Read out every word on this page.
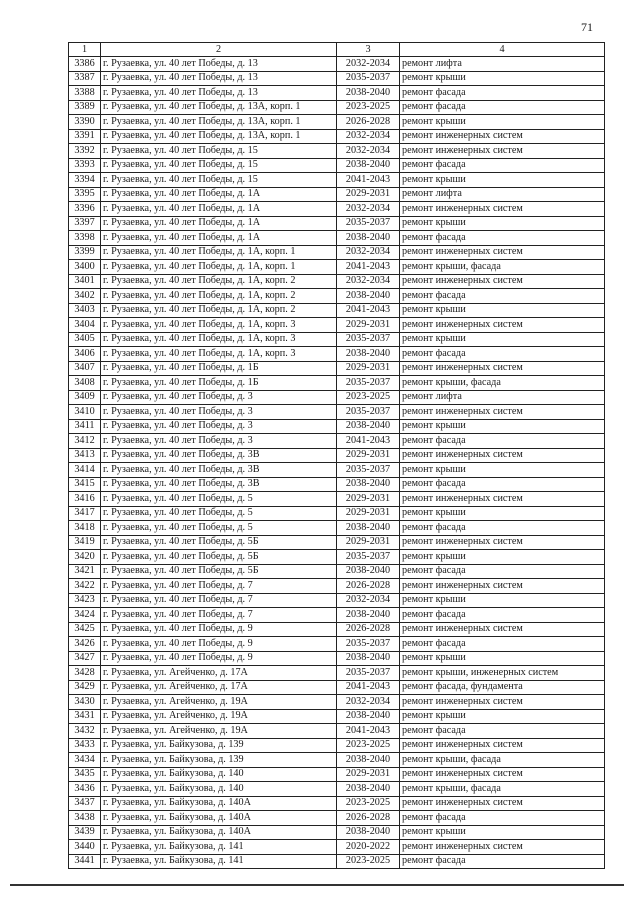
71
1	2	3	4
3386	г. Рузаевка, ул. 40 лет Победы, д. 13	2032-2034	ремонт лифта
3387	г. Рузаевка, ул. 40 лет Победы, д. 13	2035-2037	ремонт крыши
3388	г. Рузаевка, ул. 40 лет Победы, д. 13	2038-2040	ремонт фасада
3389	г. Рузаевка, ул. 40 лет Победы, д. 13А, корп. 1	2023-2025	ремонт фасада
3390	г. Рузаевка, ул. 40 лет Победы, д. 13А, корп. 1	2026-2028	ремонт крыши
3391	г. Рузаевка, ул. 40 лет Победы, д. 13А, корп. 1	2032-2034	ремонт инженерных систем
3392	г. Рузаевка, ул. 40 лет Победы, д. 15	2032-2034	ремонт инженерных систем
3393	г. Рузаевка, ул. 40 лет Победы, д. 15	2038-2040	ремонт фасада
3394	г. Рузаевка, ул. 40 лет Победы, д. 15	2041-2043	ремонт крыши
3395	г. Рузаевка, ул. 40 лет Победы, д. 1А	2029-2031	ремонт лифта
3396	г. Рузаевка, ул. 40 лет Победы, д. 1А	2032-2034	ремонт инженерных систем
3397	г. Рузаевка, ул. 40 лет Победы, д. 1А	2035-2037	ремонт крыши
3398	г. Рузаевка, ул. 40 лет Победы, д. 1А	2038-2040	ремонт фасада
3399	г. Рузаевка, ул. 40 лет Победы, д. 1А, корп. 1	2032-2034	ремонт инженерных систем
3400	г. Рузаевка, ул. 40 лет Победы, д. 1А, корп. 1	2041-2043	ремонт крыши, фасада
3401	г. Рузаевка, ул. 40 лет Победы, д. 1А, корп. 2	2032-2034	ремонт инженерных систем
3402	г. Рузаевка, ул. 40 лет Победы, д. 1А, корп. 2	2038-2040	ремонт фасада
3403	г. Рузаевка, ул. 40 лет Победы, д. 1А, корп. 2	2041-2043	ремонт крыши
3404	г. Рузаевка, ул. 40 лет Победы, д. 1А, корп. 3	2029-2031	ремонт инженерных систем
3405	г. Рузаевка, ул. 40 лет Победы, д. 1А, корп. 3	2035-2037	ремонт крыши
3406	г. Рузаевка, ул. 40 лет Победы, д. 1А, корп. 3	2038-2040	ремонт фасада
3407	г. Рузаевка, ул. 40 лет Победы, д. 1Б	2029-2031	ремонт инженерных систем
3408	г. Рузаевка, ул. 40 лет Победы, д. 1Б	2035-2037	ремонт крыши, фасада
3409	г. Рузаевка, ул. 40 лет Победы, д. 3	2023-2025	ремонт лифта
3410	г. Рузаевка, ул. 40 лет Победы, д. 3	2035-2037	ремонт инженерных систем
3411	г. Рузаевка, ул. 40 лет Победы, д. 3	2038-2040	ремонт крыши
3412	г. Рузаевка, ул. 40 лет Победы, д. 3	2041-2043	ремонт фасада
3413	г. Рузаевка, ул. 40 лет Победы, д. 3В	2029-2031	ремонт инженерных систем
3414	г. Рузаевка, ул. 40 лет Победы, д. 3В	2035-2037	ремонт крыши
3415	г. Рузаевка, ул. 40 лет Победы, д. 3В	2038-2040	ремонт фасада
3416	г. Рузаевка, ул. 40 лет Победы, д. 5	2029-2031	ремонт инженерных систем
3417	г. Рузаевка, ул. 40 лет Победы, д. 5	2029-2031	ремонт крыши
3418	г. Рузаевка, ул. 40 лет Победы, д. 5	2038-2040	ремонт фасада
3419	г. Рузаевка, ул. 40 лет Победы, д. 5Б	2029-2031	ремонт инженерных систем
3420	г. Рузаевка, ул. 40 лет Победы, д. 5Б	2035-2037	ремонт крыши
3421	г. Рузаевка, ул. 40 лет Победы, д. 5Б	2038-2040	ремонт фасада
3422	г. Рузаевка, ул. 40 лет Победы, д. 7	2026-2028	ремонт инженерных систем
3423	г. Рузаевка, ул. 40 лет Победы, д. 7	2032-2034	ремонт крыши
3424	г. Рузаевка, ул. 40 лет Победы, д. 7	2038-2040	ремонт фасада
3425	г. Рузаевка, ул. 40 лет Победы, д. 9	2026-2028	ремонт инженерных систем
3426	г. Рузаевка, ул. 40 лет Победы, д. 9	2035-2037	ремонт фасада
3427	г. Рузаевка, ул. 40 лет Победы, д. 9	2038-2040	ремонт крыши
3428	г. Рузаевка, ул. Агейченко, д. 17А	2035-2037	ремонт крыши, инженерных систем
3429	г. Рузаевка, ул. Агейченко, д. 17А	2041-2043	ремонт фасада, фундамента
3430	г. Рузаевка, ул. Агейченко, д. 19А	2032-2034	ремонт инженерных систем
3431	г. Рузаевка, ул. Агейченко, д. 19А	2038-2040	ремонт крыши
3432	г. Рузаевка, ул. Агейченко, д. 19А	2041-2043	ремонт фасада
3433	г. Рузаевка, ул. Байкузова, д. 139	2023-2025	ремонт инженерных систем
3434	г. Рузаевка, ул. Байкузова, д. 139	2038-2040	ремонт крыши, фасада
3435	г. Рузаевка, ул. Байкузова, д. 140	2029-2031	ремонт инженерных систем
3436	г. Рузаевка, ул. Байкузова, д. 140	2038-2040	ремонт крыши, фасада
3437	г. Рузаевка, ул. Байкузова, д. 140А	2023-2025	ремонт инженерных систем
3438	г. Рузаевка, ул. Байкузова, д. 140А	2026-2028	ремонт фасада
3439	г. Рузаевка, ул. Байкузова, д. 140А	2038-2040	ремонт крыши
3440	г. Рузаевка, ул. Байкузова, д. 141	2020-2022	ремонт инженерных систем
3441	г. Рузаевка, ул. Байкузова, д. 141	2023-2025	ремонт фасада
